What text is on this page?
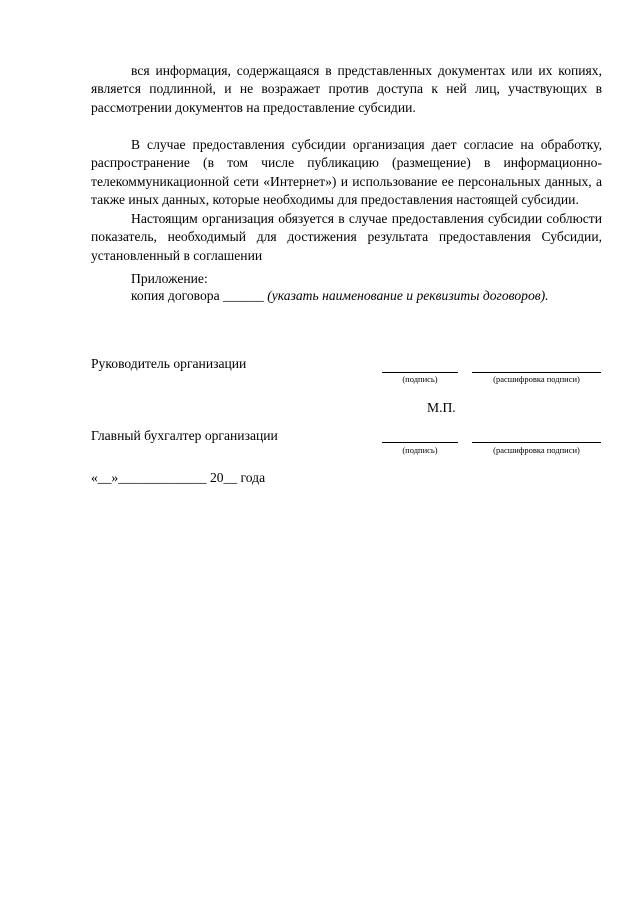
вся информация, содержащаяся в представленных документах или их копиях, является подлинной, и не возражает против доступа к ней лиц, участвующих в рассмотрении документов на предоставление субсидии.
В случае предоставления субсидии организация дает согласие на обработку, распространение (в том числе публикацию (размещение) в информационно-телекоммуникационной сети «Интернет») и использование ее персональных данных, а также иных данных, которые необходимы для предоставления настоящей субсидии.
Настоящим организация обязуется в случае предоставления субсидии соблюсти показатель, необходимый для достижения результата предоставления Субсидии, установленный в соглашении
Приложение:
копия договора ______ (указать наименование и реквизиты договоров).
Руководитель организации
(подпись)	(расшифровка подписи)
М.П.
Главный бухгалтер организации
(подпись)	(расшифровка подписи)
«__»_____________ 20__ года
